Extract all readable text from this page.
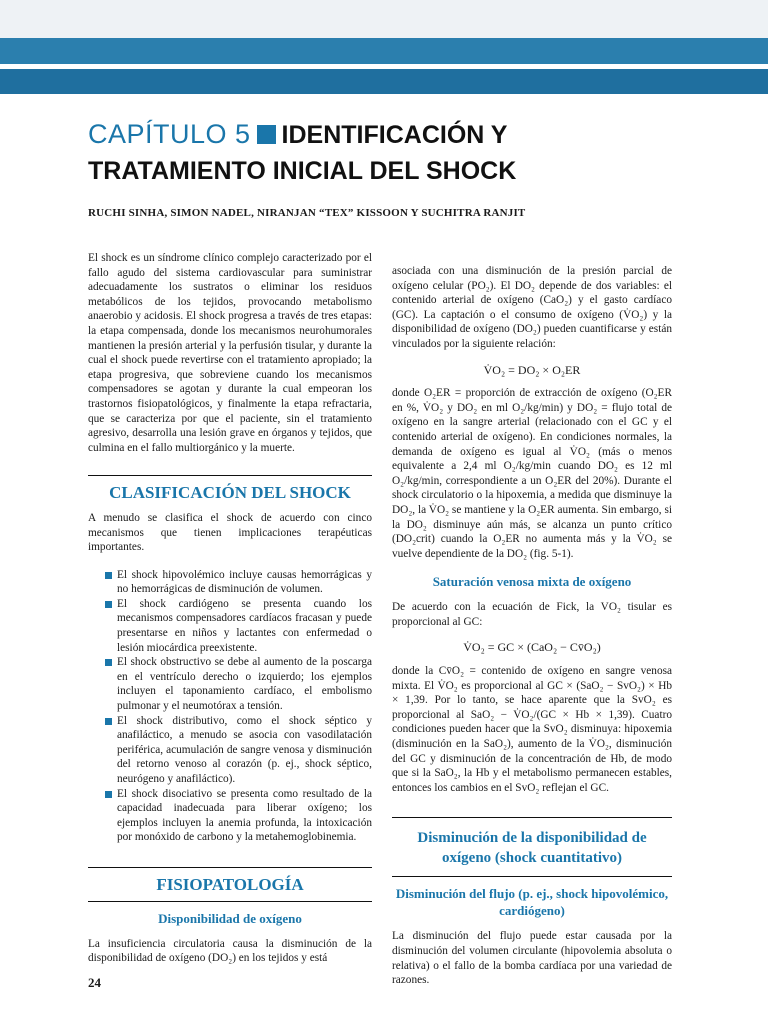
CAPÍTULO 5 IDENTIFICACIÓN Y
TRATAMIENTO INICIAL DEL SHOCK
RUCHI SINHA, SIMON NADEL, NIRANJAN “TEX” KISSOON Y SUCHITRA RANJIT

El shock es un síndrome clínico complejo caracterizado por el fallo agudo del sistema cardiovascular para suministrar adecuadamente los sustratos o eliminar los residuos metabólicos de los tejidos, provocando metabolismo anaerobio y acidosis. El shock progresa a través de tres etapas: la etapa compensada, donde los mecanismos neurohumorales mantienen la presión arterial y la perfusión tisular, y durante la cual el shock puede revertirse con el tratamiento apropiado; la etapa progresiva, que sobreviene cuando los mecanismos compensadores se agotan y durante la cual empeoran los trastornos fisiopatológicos, y finalmente la etapa refractaria, que se caracteriza por que el paciente, sin el tratamiento agresivo, desarrolla una lesión grave en órganos y tejidos, que culmina en el fallo multiorgánico y la muerte.

CLASIFICACIÓN DEL SHOCK

A menudo se clasifica el shock de acuerdo con cinco mecanismos que tienen implicaciones terapéuticas importantes.

El shock hipovolémico incluye causas hemorrágicas y no hemorrágicas de disminución de volumen.
El shock cardiógeno se presenta cuando los mecanismos compensadores cardíacos fracasan y puede presentarse en niños y lactantes con enfermedad o lesión miocárdica preexistente.
El shock obstructivo se debe al aumento de la poscarga en el ventrículo derecho o izquierdo; los ejemplos incluyen el taponamiento cardíaco, el embolismo pulmonar y el neumotórax a tensión.
El shock distributivo, como el shock séptico y anafiláctico, a menudo se asocia con vasodilatación periférica, acumulación de sangre venosa y disminución del retorno venoso al corazón (p. ej., shock séptico, neurógeno y anafiláctico).
El shock disociativo se presenta como resultado de la capacidad inadecuada para liberar oxígeno; los ejemplos incluyen la anemia profunda, la intoxicación por monóxido de carbono y la metahemoglobinemia.
FISIOPATOLOGÍA
Disponibilidad de oxígeno

La insuficiencia circulatoria causa la disminución de la disponibilidad de oxígeno (DO₂) en los tejidos y está

asociada con una disminución de la presión parcial de oxígeno celular (PO₂). El DO₂ depende de dos variables: el contenido arterial de oxígeno (CaO₂) y el gasto cardíaco (GC). La captación o el consumo de oxígeno (V̇O₂) y la disponibilidad de oxígeno (DO₂) pueden cuantificarse y están vinculados por la siguiente relación:

V̇O₂ = DO₂ × O₂ER

donde O₂ER = proporción de extracción de oxígeno (O₂ER en %, V̇O₂ y DO₂ en ml O₂/kg/min) y DO₂ = flujo total de oxígeno en la sangre arterial (relacionado con el GC y el contenido arterial de oxígeno). En condiciones normales, la demanda de oxígeno es igual al V̇O₂ (más o menos equivalente a 2,4 ml O₂/kg/min cuando DO₂ es 12 ml O₂/kg/min, correspondiente a un O₂ER del 20%). Durante el shock circulatorio o la hipoxemia, a medida que disminuye la DO₂, la V̇O₂ se mantiene y la O₂ER aumenta. Sin embargo, si la DO₂ disminuye aún más, se alcanza un punto crítico (DO₂crit) cuando la O₂ER no aumenta más y la V̇O₂ se vuelve dependiente de la DO₂ (fig. 5-1).

Saturación venosa mixta de oxígeno

De acuerdo con la ecuación de Fick, la VO₂ tisular es proporcional al GC:

V̇O₂ = GC × (CaO₂ − Cv̄O₂)

donde la Cv̄O₂ = contenido de oxígeno en sangre venosa mixta. El V̇O₂ es proporcional al GC × (SaO₂ − SvO₂) × Hb × 1,39. Por lo tanto, se hace aparente que la SvO₂ es proporcional al SaO₂ − V̇O₂/(GC × Hb × 1,39). Cuatro condiciones pueden hacer que la SvO₂ disminuya: hipoxemia (disminución en la SaO₂), aumento de la V̇O₂, disminución del GC y disminución de la concentración de Hb, de modo que si la SaO₂, la Hb y el metabolismo permanecen estables, entonces los cambios en el SvO₂ reflejan el GC.

Disminución de la disponibilidad de oxígeno (shock cuantitativo)
Disminución del flujo (p. ej., shock hipovolémico, cardiógeno)

La disminución del flujo puede estar causada por la disminución del volumen circulante (hipovolemia absoluta o relativa) o el fallo de la bomba cardíaca por una variedad de razones.

24
